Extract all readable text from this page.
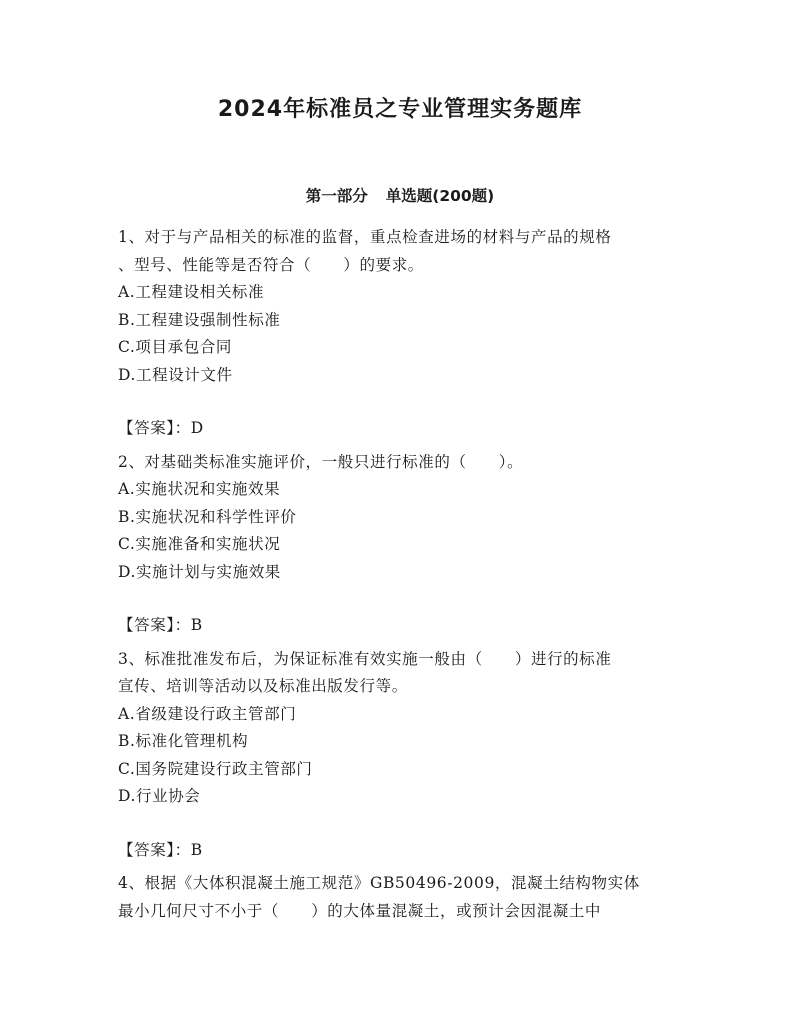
2024年标准员之专业管理实务题库
第一部分 单选题(200题)
1、对于与产品相关的标准的监督，重点检查进场的材料与产品的规格
、型号、性能等是否符合（　　）的要求。
A.工程建设相关标准
B.工程建设强制性标准
C.项目承包合同
D.工程设计文件
【答案】：D
2、对基础类标准实施评价，一般只进行标准的（　　）。
A.实施状况和实施效果
B.实施状况和科学性评价
C.实施准备和实施状况
D.实施计划与实施效果
【答案】：B
3、标准批准发布后，为保证标准有效实施一般由（　　）进行的标准
宣传、培训等活动以及标准出版发行等。
A.省级建设行政主管部门
B.标准化管理机构
C.国务院建设行政主管部门
D.行业协会
【答案】：B
4、根据《大体积混凝土施工规范》GB50496-2009，混凝土结构物实体
最小几何尺寸不小于（　　）的大体量混凝土，或预计会因混凝土中
